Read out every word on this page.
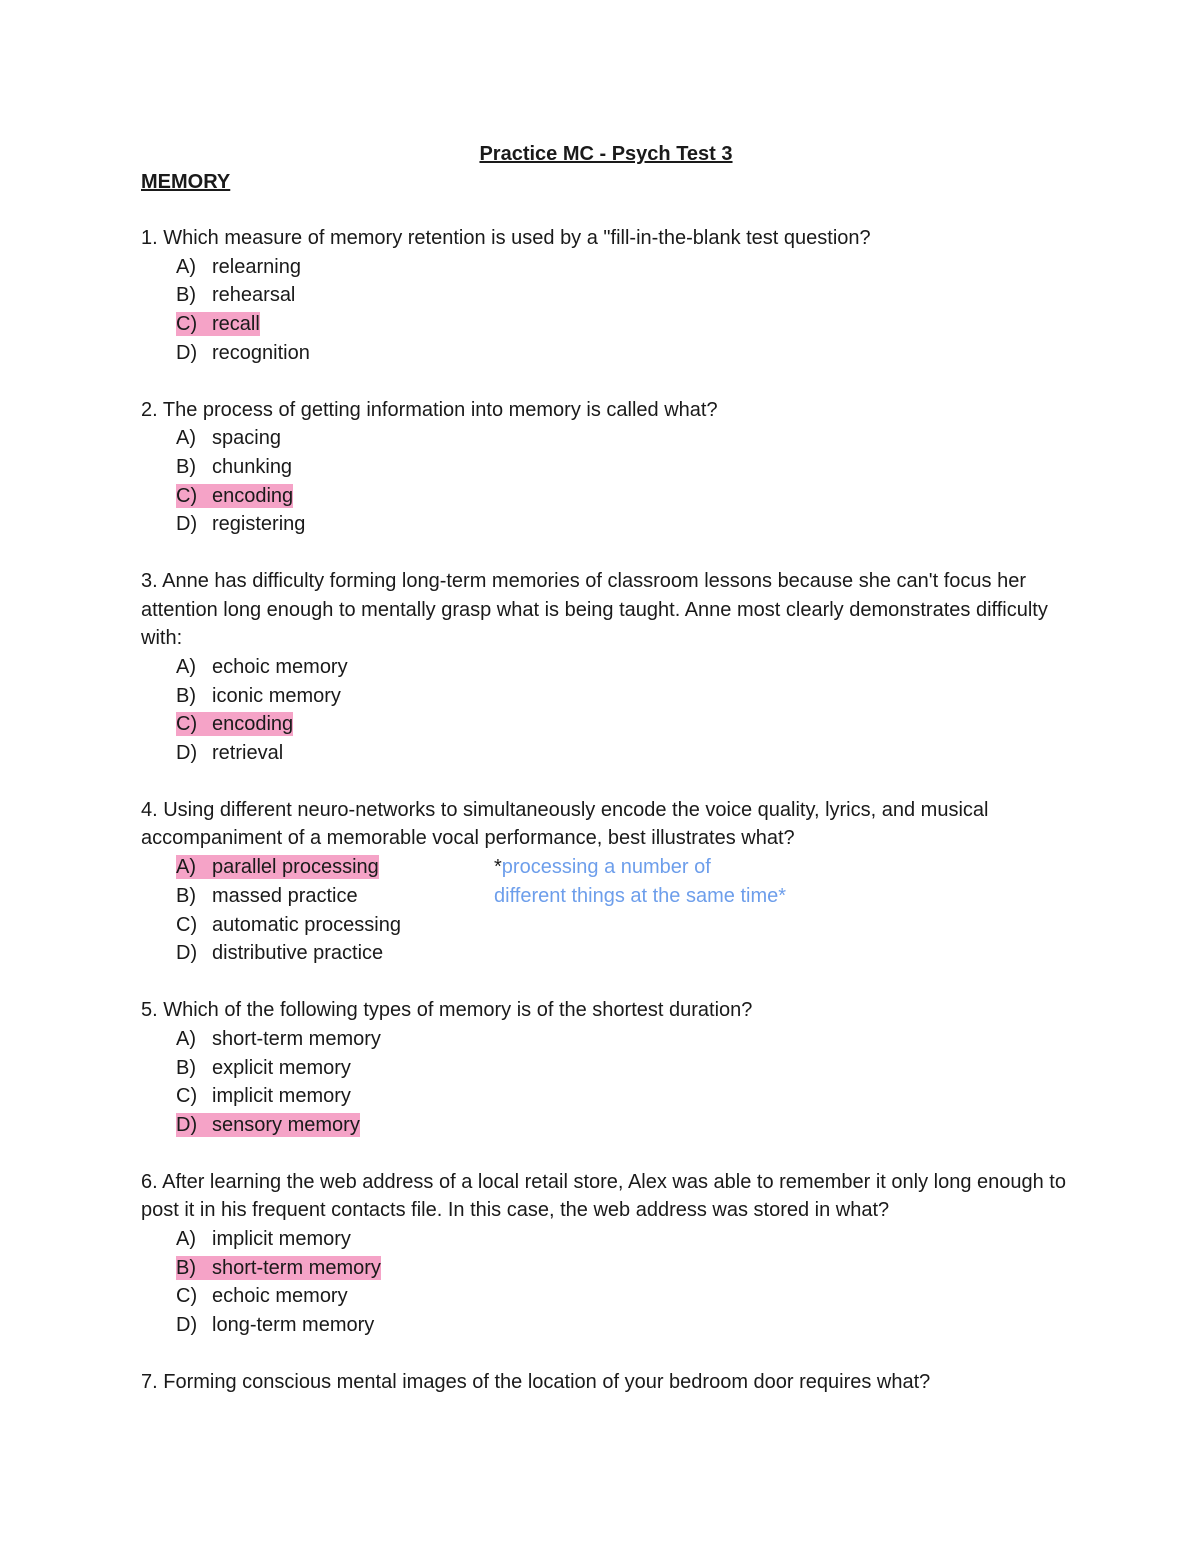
Practice MC - Psych Test 3

MEMORY

1. Which measure of memory retention is used by a "fill-in-the-blank test question?

A) relearning
B) rehearsal
C) recall
D) recognition

2. The process of getting information into memory is called what?

A) spacing
B) chunking
C) encoding
D) registering

3. Anne has difficulty forming long-term memories of classroom lessons because she can't focus her attention long enough to mentally grasp what is being taught. Anne most clearly demonstrates difficulty with:

A) echoic memory
B) iconic memory
C) encoding
D) retrieval

4. Using different neuro-networks to simultaneously encode the voice quality, lyrics, and musical accompaniment of a memorable vocal performance, best illustrates what?

A) parallel processing	*processing a number of
B) massed practice	different things at the same time*
C) automatic processing
D) distributive practice

5. Which of the following types of memory is of the shortest duration?

A) short-term memory
B) explicit memory
C) implicit memory
D) sensory memory

6. After learning the web address of a local retail store, Alex was able to remember it only long enough to post it in his frequent contacts file. In this case, the web address was stored in what?

A) implicit memory
B) short-term memory
C) echoic memory
D) long-term memory

7. Forming conscious mental images of the location of your bedroom door requires what?
